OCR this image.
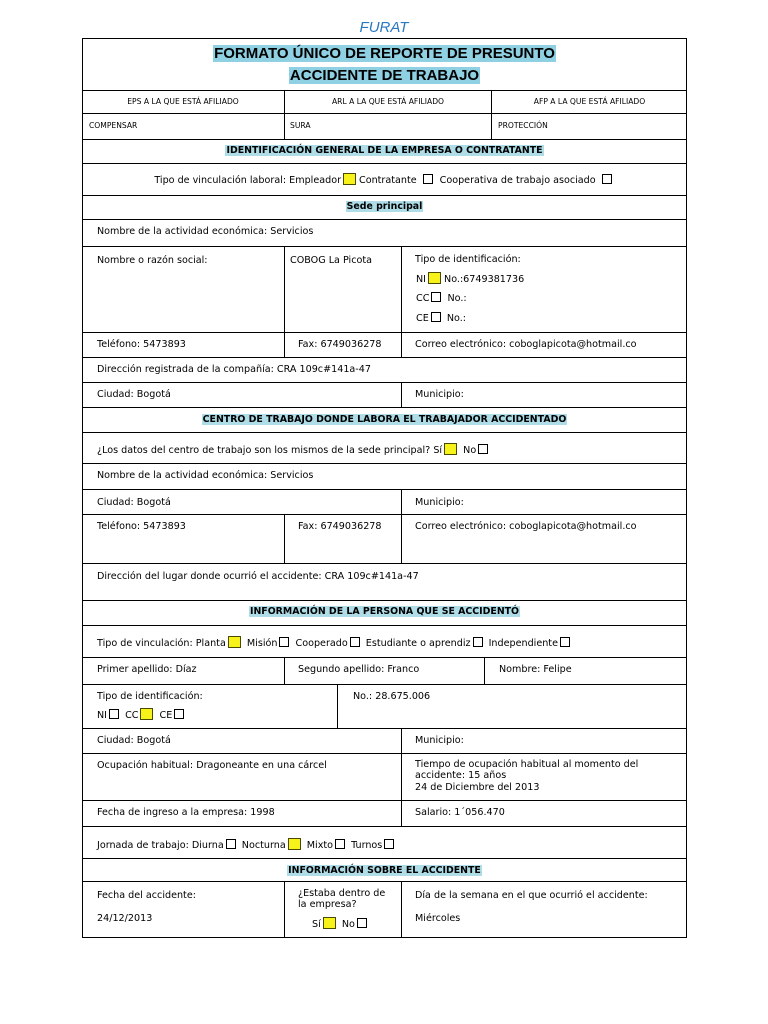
FURAT
FORMATO ÚNICO DE REPORTE DE PRESUNTO
ACCIDENTE DE TRABAJO
EPS A LA QUE ESTÁ AFILIADO	ARL A LA QUE ESTÁ AFILIADO	AFP A LA QUE ESTÁ AFILIADO
COMPENSAR	SURA	PROTECCIÓN
IDENTIFICACIÓN GENERAL DE LA EMPRESA O CONTRATANTE
Tipo de vinculación laboral: Empleador Contratante Cooperativa de trabajo asociado
Sede principal
Nombre de la actividad económica: Servicios
Nombre o razón social:	COBOG La Picota	Tipo de identificación:
NI No.:6749381736
CC No.:
CE No.:
Teléfono: 5473893	Fax: 6749036278	Correo electrónico: coboglapicota@hotmail.co
Dirección registrada de la compañía: CRA 109c#141a-47
Ciudad: Bogotá	Municipio:
CENTRO DE TRABAJO DONDE LABORA EL TRABAJADOR ACCIDENTADO
¿Los datos del centro de trabajo son los mismos de la sede principal? Sí No
Nombre de la actividad económica: Servicios
Ciudad: Bogotá	Municipio:
Teléfono: 5473893	Fax: 6749036278	Correo electrónico: coboglapicota@hotmail.co
Dirección del lugar donde ocurrió el accidente: CRA 109c#141a-47
INFORMACIÓN DE LA PERSONA QUE SE ACCIDENTÓ
Tipo de vinculación: Planta Misión Cooperado Estudiante o aprendiz Independiente
Primer apellido: Díaz	Segundo apellido: Franco	Nombre: Felipe
Tipo de identificación:
NI CC CE
No.: 28.675.006
Ciudad: Bogotá	Municipio:
Ocupación habitual: Dragoneante en una cárcel	Tiempo de ocupación habitual al momento del
accidente: 15 años
24 de Diciembre del 2013
Fecha de ingreso a la empresa: 1998	Salario: 1´056.470
Jornada de trabajo: Diurna Nocturna Mixto Turnos
INFORMACIÓN SOBRE EL ACCIDENTE
Fecha del accidente:
24/12/2013
¿Estaba dentro de
la empresa?
Sí No
Día de la semana en el que ocurrió el accidente:
Miércoles
